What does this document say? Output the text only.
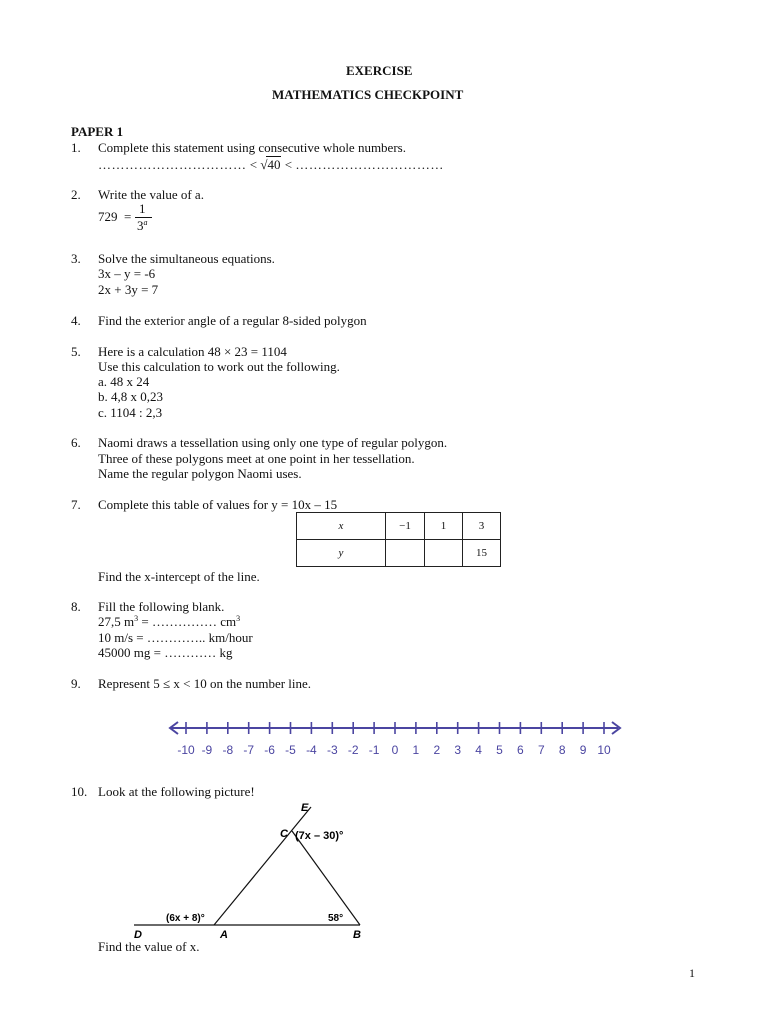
EXERCISE
MATHEMATICS CHECKPOINT
PAPER 1
1. Complete this statement using consecutive whole numbers.
…………………………… < √40 < ……………………………
2. Write the value of a.
729 =
1
3$^a$
3. Solve the simultaneous equations.
3x – y = -6
2x + 3y = 7
4. Find the exterior angle of a regular 8-sided polygon
5. Here is a calculation 48 × 23 = 1104
Use this calculation to work out the following.
a. 48 x 24
b. 4,8 x 0,23
c. 1104 : 2,3
6. Naomi draws a tessellation using only one type of regular polygon.
Three of these polygons meet at one point in her tessellation.
Name the regular polygon Naomi uses.
7. Complete this table of values for y = 10x – 15
x	−1	1	3
y			15
Find the x-intercept of the line.
8. Fill the following blank.
27,5 $m^3$ = …………… $cm^3$
10 m/s = ………….. km/hour
45000 mg = ………… kg
9. Represent 5 ≤ x < 10 on the number line.
-10 -9 -8 -7 -6 -5 -4 -3 -2 -1 0 1 2 3 4 5 6 7 8 9 10
10. Look at the following picture!
E
C (7x – 30)°
(6x + 8)°	58°
D	A	B
Find the value of x.
1
